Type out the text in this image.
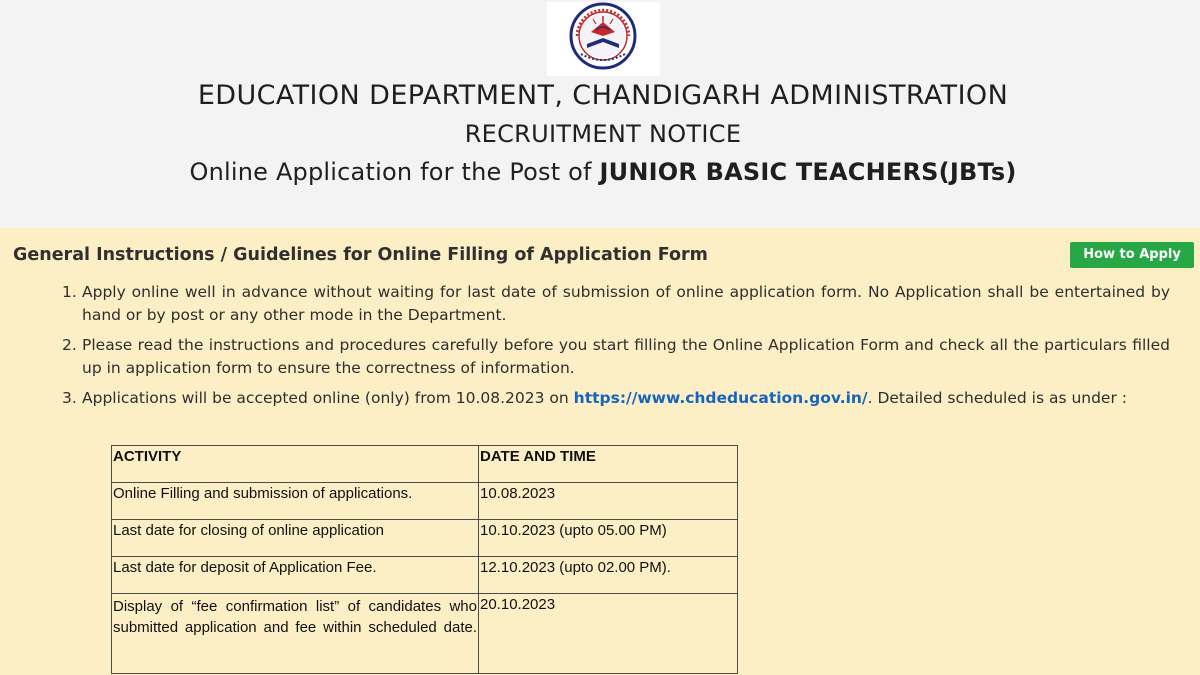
EDUCATION DEPARTMENT, CHANDIGARH ADMINISTRATION
RECRUITMENT NOTICE
Online Application for the Post of JUNIOR BASIC TEACHERS(JBTs)
General Instructions / Guidelines for Online Filling of Application Form	How to Apply
1. Apply online well in advance without waiting for last date of submission of online application form. No Application shall be entertained by hand or by post or any other mode in the Department.
2. Please read the instructions and procedures carefully before you start filling the Online Application Form and check all the particulars filled up in application form to ensure the correctness of information.
3. Applications will be accepted online (only) from 10.08.2023 on https://www.chdeducation.gov.in/. Detailed scheduled is as under :
ACTIVITY	DATE AND TIME
Online Filling and submission of applications.	10.08.2023
Last date for closing of online application	10.10.2023 (upto 05.00 PM)
Last date for deposit of Application Fee.	12.10.2023 (upto 02.00 PM).

Display of “fee confirmation list” of candidates who submitted application and fee within scheduled date.	20.10.2023
